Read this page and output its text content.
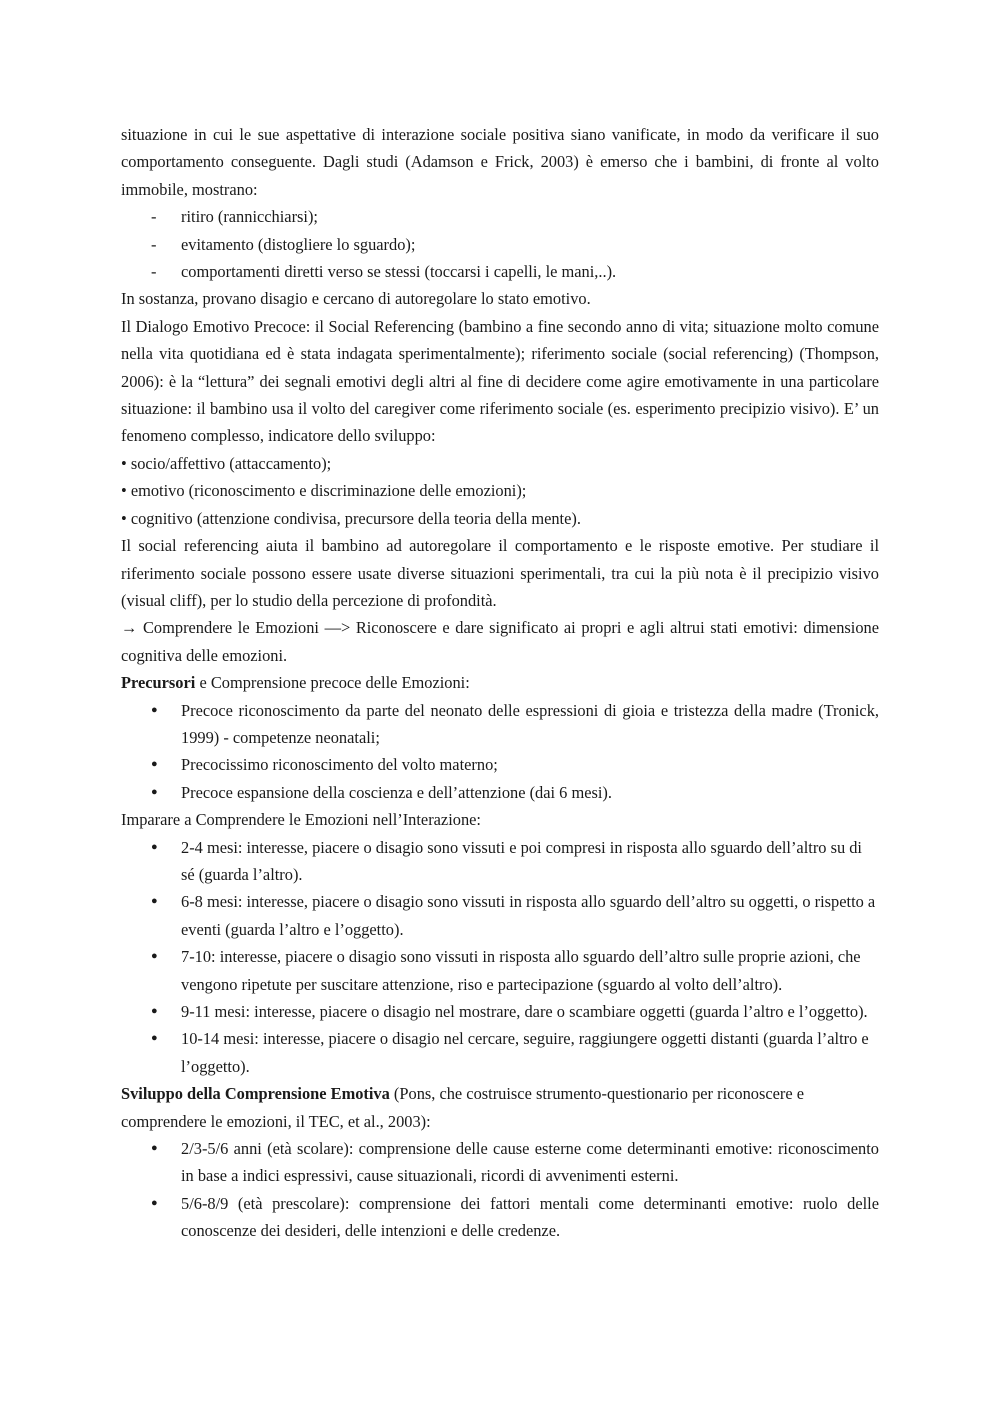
situazione in cui le sue aspettative di interazione sociale positiva siano vanificate, in modo da verificare il suo comportamento conseguente. Dagli studi (Adamson e Frick, 2003) è emerso che i bambini, di fronte al volto immobile, mostrano:

- ritiro (rannicchiarsi);
- evitamento (distogliere lo sguardo);
- comportamenti diretti verso se stessi (toccarsi i capelli, le mani,..).

In sostanza, provano disagio e cercano di autoregolare lo stato emotivo.

Il Dialogo Emotivo Precoce: il Social Referencing (bambino a fine secondo anno di vita; situazione molto comune nella vita quotidiana ed è stata indagata sperimentalmente); riferimento sociale (social referencing) (Thompson, 2006): è la “lettura” dei segnali emotivi degli altri al fine di decidere come agire emotivamente in una particolare situazione: il bambino usa il volto del caregiver come riferimento sociale (es. esperimento precipizio visivo). E’ un fenomeno complesso, indicatore dello sviluppo:

• socio/affettivo (attaccamento);

• emotivo (riconoscimento e discriminazione delle emozioni);

• cognitivo (attenzione condivisa, precursore della teoria della mente).

Il social referencing aiuta il bambino ad autoregolare il comportamento e le risposte emotive. Per studiare il riferimento sociale possono essere usate diverse situazioni sperimentali, tra cui la più nota è il precipizio visivo (visual cliff), per lo studio della percezione di profondità.

→ Comprendere le Emozioni —> Riconoscere e dare significato ai propri e agli altrui stati emotivi: dimensione cognitiva delle emozioni.

Precursori e Comprensione precoce delle Emozioni:

● Precoce riconoscimento da parte del neonato delle espressioni di gioia e tristezza della madre (Tronick, 1999) - competenze neonatali;
● Precocissimo riconoscimento del volto materno;
● Precoce espansione della coscienza e dell’attenzione (dai 6 mesi).

Imparare a Comprendere le Emozioni nell’Interazione:

● 2-4 mesi: interesse, piacere o disagio sono vissuti e poi compresi in risposta allo sguardo dell’altro su di sé (guarda l’altro).
● 6-8 mesi: interesse, piacere o disagio sono vissuti in risposta allo sguardo dell’altro su oggetti, o rispetto a eventi (guarda l’altro e l’oggetto).
● 7-10: interesse, piacere o disagio sono vissuti in risposta allo sguardo dell’altro sulle proprie azioni, che vengono ripetute per suscitare attenzione, riso e partecipazione (sguardo al volto dell’altro).
● 9-11 mesi: interesse, piacere o disagio nel mostrare, dare o scambiare oggetti (guarda l’altro e l’oggetto).
● 10-14 mesi: interesse, piacere o disagio nel cercare, seguire, raggiungere oggetti distanti (guarda l’altro e l’oggetto).

Sviluppo della Comprensione Emotiva (Pons, che costruisce strumento-questionario per riconoscere e comprendere le emozioni, il TEC, et al., 2003):

● 2/3-5/6 anni (età scolare): comprensione delle cause esterne come determinanti emotive: riconoscimento in base a indici espressivi, cause situazionali, ricordi di avvenimenti esterni.
● 5/6-8/9 (età prescolare): comprensione dei fattori mentali come determinanti emotive: ruolo delle conoscenze dei desideri, delle intenzioni e delle credenze.
